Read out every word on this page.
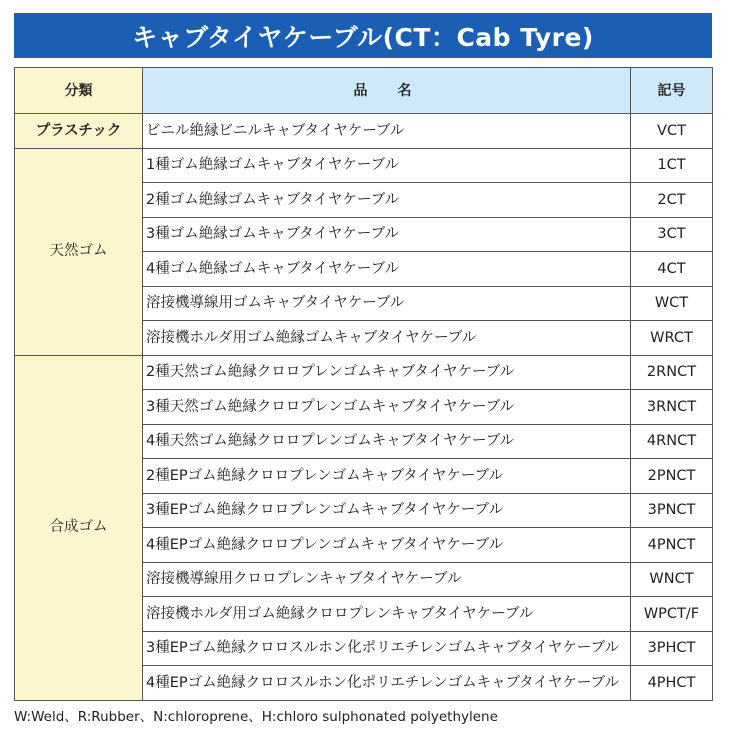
キャブタイヤケーブル(CT：Cab Tyre)
分類	品　名	記号
プラスチック	ビニル絶縁ビニルキャブタイヤケーブル	VCT
天然ゴム	1種ゴム絶縁ゴムキャブタイヤケーブル	1CT
	2種ゴム絶縁ゴムキャブタイヤケーブル	2CT
	3種ゴム絶縁ゴムキャブタイヤケーブル	3CT
	4種ゴム絶縁ゴムキャブタイヤケーブル	4CT
	溶接機導線用ゴムキャブタイヤケーブル	WCT
	溶接機ホルダ用ゴム絶縁ゴムキャブタイヤケーブル	WRCT
合成ゴム	2種天然ゴム絶縁クロロプレンゴムキャブタイヤケーブル	2RNCT
	3種天然ゴム絶縁クロロプレンゴムキャブタイヤケーブル	3RNCT
	4種天然ゴム絶縁クロロプレンゴムキャブタイヤケーブル	4RNCT
	2種EPゴム絶縁クロロプレンゴムキャブタイヤケーブル	2PNCT
	3種EPゴム絶縁クロロプレンゴムキャブタイヤケーブル	3PNCT
	4種EPゴム絶縁クロロプレンゴムキャブタイヤケーブル	4PNCT
	溶接機導線用クロロプレンキャブタイヤケーブル	WNCT
	溶接機ホルダ用ゴム絶縁クロロプレンキャブタイヤケーブル	WPCT/F
	3種EPゴム絶縁クロロスルホン化ポリエチレンゴムキャブタイヤケーブル	3PHCT
	4種EPゴム絶縁クロロスルホン化ポリエチレンゴムキャブタイヤケーブル	4PHCT
W:Weld、R:Rubber、N:chloroprene、H:chloro sulphonated polyethylene
